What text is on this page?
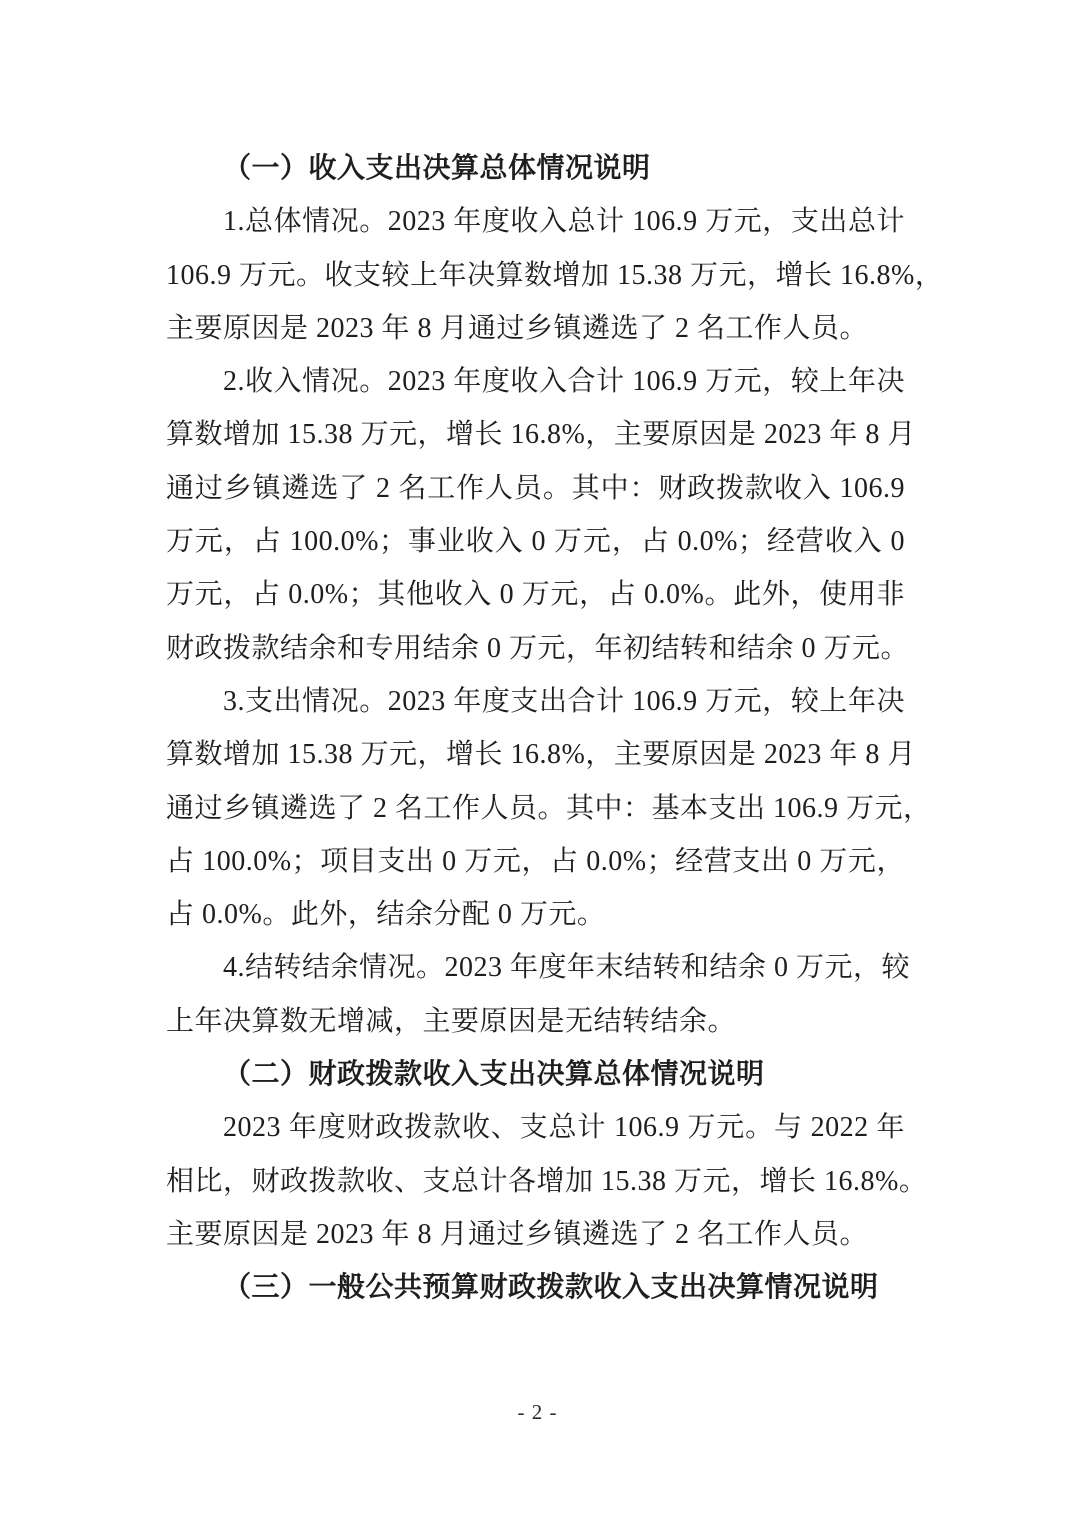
（一）收入支出决算总体情况说明
1.总体情况。2023 年度收入总计 106.9 万元，支出总计
106.9 万元。收支较上年决算数增加 15.38 万元，增长 16.8%，
主要原因是 2023 年 8 月通过乡镇遴选了 2 名工作人员。
2.收入情况。2023 年度收入合计 106.9 万元，较上年决
算数增加 15.38 万元，增长 16.8%，主要原因是 2023 年 8 月
通过乡镇遴选了 2 名工作人员。其中：财政拨款收入 106.9
万元，占 100.0%；事业收入 0 万元，占 0.0%；经营收入 0
万元，占 0.0%；其他收入 0 万元，占 0.0%。此外，使用非
财政拨款结余和专用结余 0 万元，年初结转和结余 0 万元。
3.支出情况。2023 年度支出合计 106.9 万元，较上年决
算数增加 15.38 万元，增长 16.8%，主要原因是 2023 年 8 月
通过乡镇遴选了 2 名工作人员。其中：基本支出 106.9 万元，
占 100.0%；项目支出 0 万元，占 0.0%；经营支出 0 万元，
占 0.0%。此外，结余分配 0 万元。
4.结转结余情况。2023 年度年末结转和结余 0 万元，较
上年决算数无增减，主要原因是无结转结余。
（二）财政拨款收入支出决算总体情况说明
2023 年度财政拨款收、支总计 106.9 万元。与 2022 年
相比，财政拨款收、支总计各增加 15.38 万元，增长 16.8%。
主要原因是 2023 年 8 月通过乡镇遴选了 2 名工作人员。
（三）一般公共预算财政拨款收入支出决算情况说明
- 2 -
